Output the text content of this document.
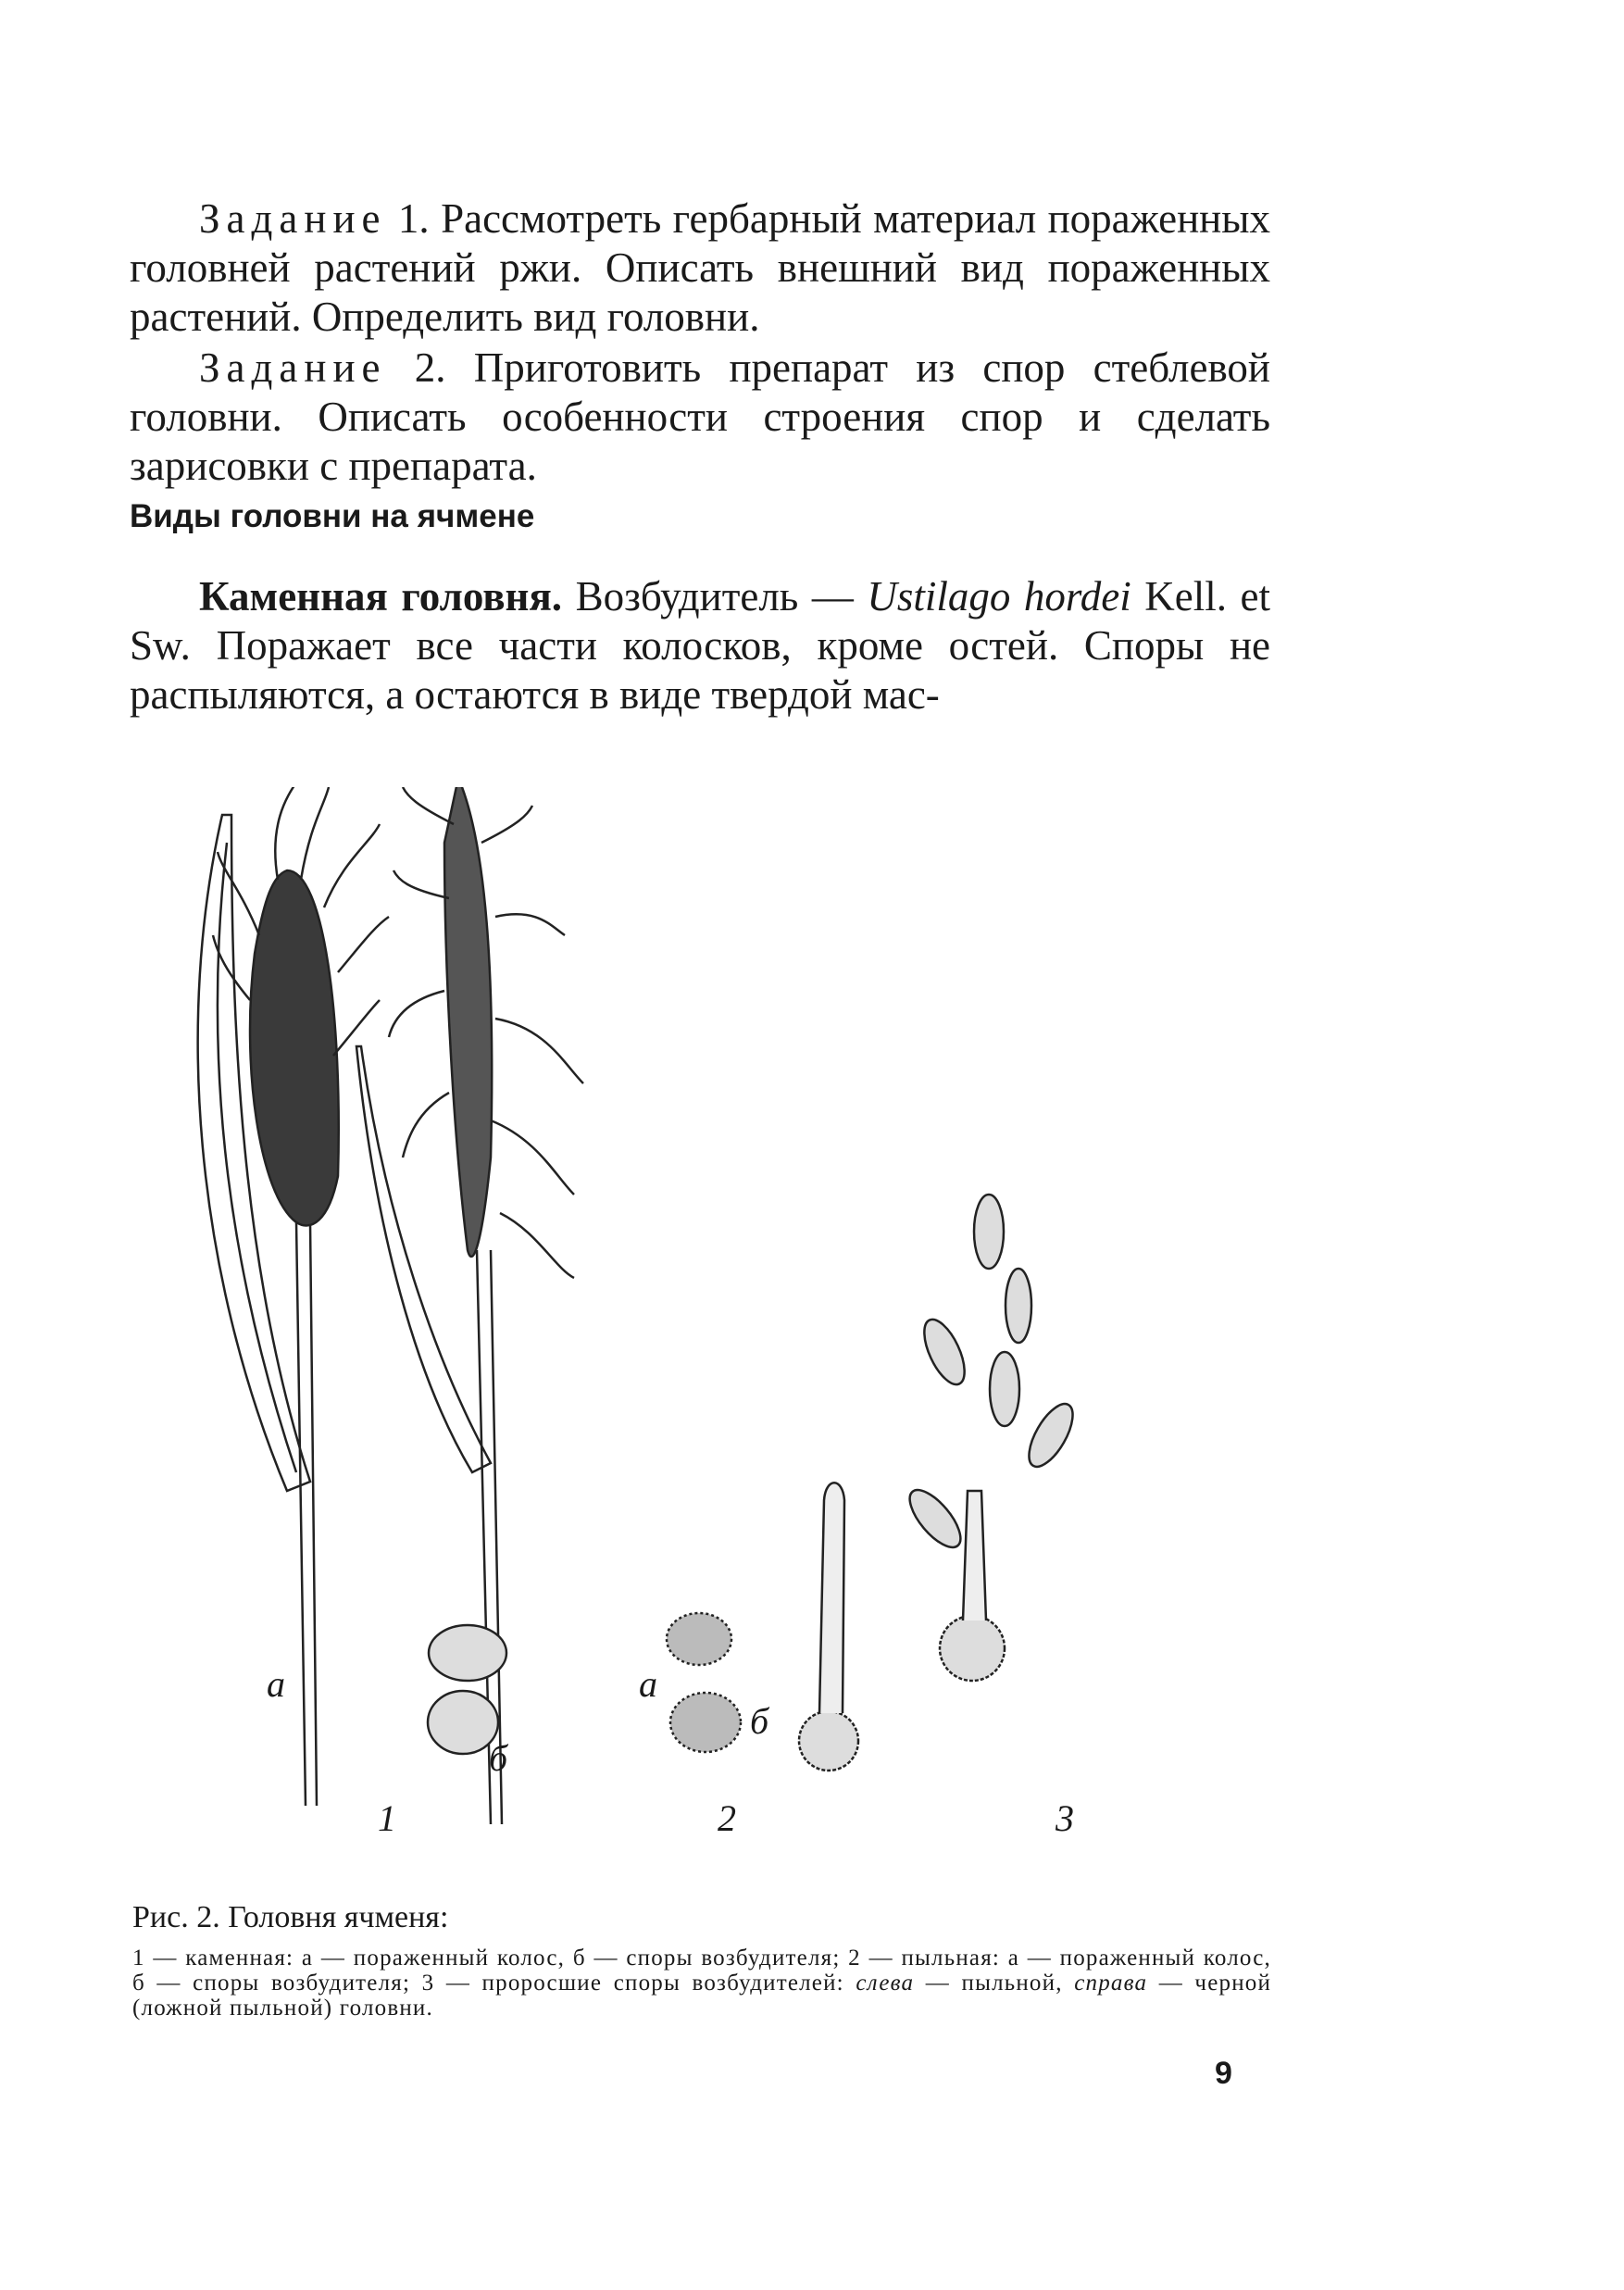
Задание 1. Рассмотреть гербарный материал пораженных головней растений ржи. Описать внешний вид пораженных растений. Определить вид головни.

Задание 2. Приготовить препарат из спор стеблевой головни. Описать особенности строения спор и сделать зарисовки с препарата.

Виды головни на ячмене

Каменная головня. Возбудитель — Ustilago hordei Kell. et Sw. Поражает все части колосков, кроме остей. Споры не распыляются, а остаются в виде твердой мас-

а
б
1
а
б
2	3

Рис. 2. Головня ячменя:

1 — каменная: а — пораженный колос, б — споры возбудителя; 2 — пыльная: а — пораженный колос, б — споры возбудителя; 3 — проросшие споры возбудителей: слева — пыльной, справа — черной (ложной пыльной) головни.

9
